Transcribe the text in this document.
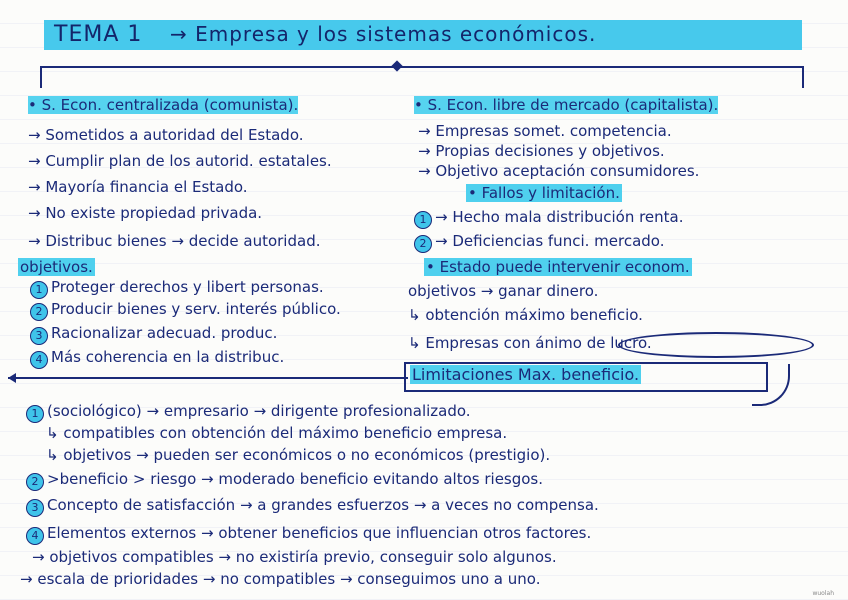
TEMA 1 → Empresa y los sistemas económicos.
• S. Econ. centralizada (comunista).
→ Sometidos a autoridad del Estado.
→ Cumplir plan de los autorid. estatales.
→ Mayoría financia el Estado.
→ No existe propiedad privada.
→ Distribuc bienes → decide autoridad.
objetivos.
1 Proteger derechos y libert personas.
2 Producir bienes y serv. interés público.
3 Racionalizar adecuad. produc.
4 Más coherencia en la distribuc.
• S. Econ. libre de mercado (capitalista).
→ Empresas somet. competencia.
→ Propias decisiones y objetivos.
→ Objetivo aceptación consumidores.
• Fallos y limitación.
1 → Hecho mala distribución renta.
2 → Deficiencias funci. mercado.
• Estado puede intervenir econom.
objetivos → ganar dinero.
↳ obtención máximo beneficio.
↳ Empresas con ánimo de lucro.
Limitaciones Max. beneficio.
1 (sociológico) → empresario → dirigente profesionalizado.
↳ compatibles con obtención del máximo beneficio empresa.
↳ objetivos → pueden ser económicos o no económicos (prestigio).
2 >beneficio > riesgo → moderado beneficio evitando altos riesgos.
3 Concepto de satisfacción → a grandes esfuerzos → a veces no compensa.
4 Elementos externos → obtener beneficios que influencian otros factores.
→ objetivos compatibles → no existiría previo, conseguir solo algunos.
→ escala de prioridades → no compatibles → conseguimos uno a uno.
wuolah
